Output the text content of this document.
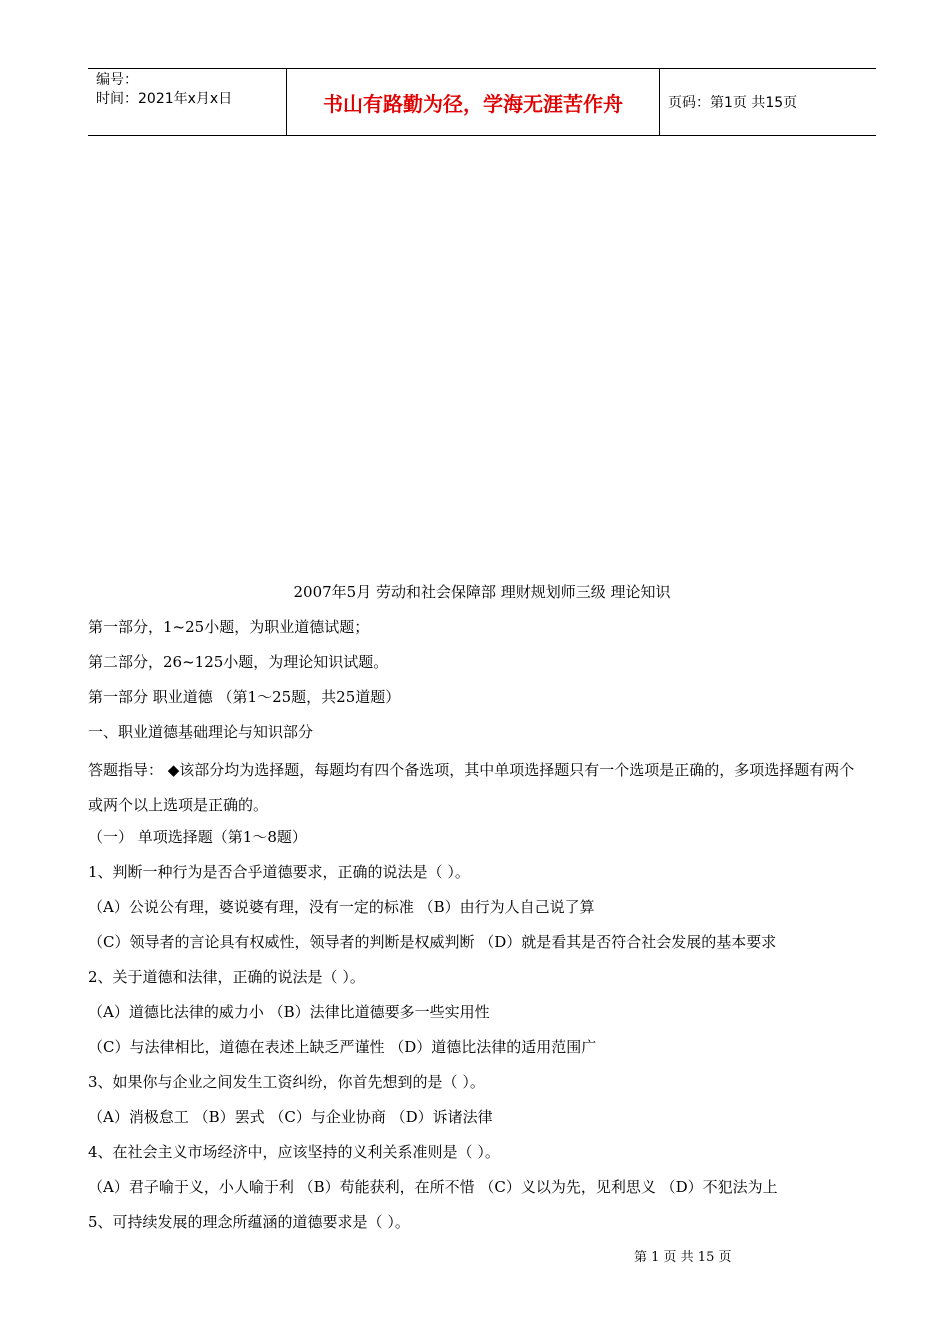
编号：
时间：2021年x月x日	书山有路勤为径，学海无涯苦作舟	页码：第1页 共15页
2007年5月 劳动和社会保障部 理财规划师三级 理论知识
第一部分，1~25小题，为职业道德试题；
第二部分，26~125小题，为理论知识试题。
第一部分 职业道德 （第1～25题，共25道题）
一、职业道德基础理论与知识部分
答题指导： ◆该部分均为选择题，每题均有四个备选项，其中单项选择题只有一个选项是正确的，多项选择题有两个或两个以上选项是正确的。
（一） 单项选择题（第1～8题）
1、判断一种行为是否合乎道德要求，正确的说法是（ ）。
（A）公说公有理，婆说婆有理，没有一定的标准 （B）由行为人自己说了算
（C）领导者的言论具有权威性，领导者的判断是权威判断 （D）就是看其是否符合社会发展的基本要求
2、关于道德和法律，正确的说法是（ ）。
（A）道德比法律的威力小 （B）法律比道德要多一些实用性
（C）与法律相比，道德在表述上缺乏严谨性 （D）道德比法律的适用范围广
3、如果你与企业之间发生工资纠纷，你首先想到的是（ ）。
（A）消极怠工 （B）罢式 （C）与企业协商 （D）诉诸法律
4、在社会主义市场经济中，应该坚持的义利关系准则是（ ）。
（A）君子喻于义，小人喻于利 （B）苟能获利，在所不惜 （C）义以为先，见利思义 （D）不犯法为上
5、可持续发展的理念所蕴涵的道德要求是（ ）。
第 1 页 共 15 页
